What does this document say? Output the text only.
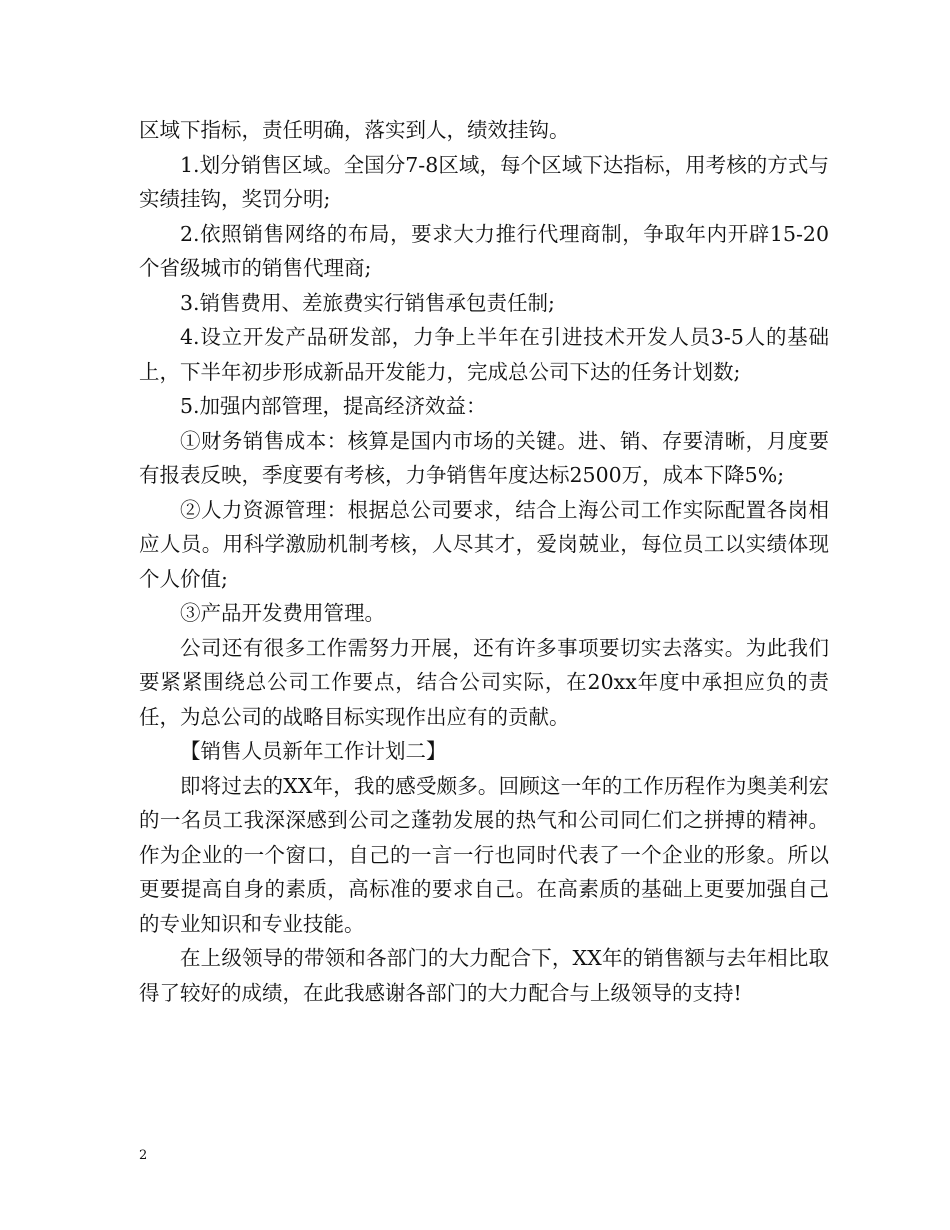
区域下指标，责任明确，落实到人，绩效挂钩。

1.划分销售区域。全国分7-8区域，每个区域下达指标，用考核的方式与实绩挂钩，奖罚分明;

2.依照销售网络的布局，要求大力推行代理商制，争取年内开辟15-20个省级城市的销售代理商;

3.销售费用、差旅费实行销售承包责任制;

4.设立开发产品研发部，力争上半年在引进技术开发人员3-5人的基础上，下半年初步形成新品开发能力，完成总公司下达的任务计划数;

5.加强内部管理，提高经济效益：

①财务销售成本：核算是国内市场的关键。进、销、存要清晰，月度要有报表反映，季度要有考核，力争销售年度达标2500万，成本下降5%;

②人力资源管理：根据总公司要求，结合上海公司工作实际配置各岗相应人员。用科学激励机制考核，人尽其才，爱岗兢业，每位员工以实绩体现个人价值;

③产品开发费用管理。

公司还有很多工作需努力开展，还有许多事项要切实去落实。为此我们要紧紧围绕总公司工作要点，结合公司实际，在20xx年度中承担应负的责任，为总公司的战略目标实现作出应有的贡献。

【销售人员新年工作计划二】

即将过去的XX年，我的感受颇多。回顾这一年的工作历程作为奥美利宏的一名员工我深深感到公司之蓬勃发展的热气和公司同仁们之拼搏的精神。作为企业的一个窗口，自己的一言一行也同时代表了一个企业的形象。所以更要提高自身的素质，高标准的要求自己。在高素质的基础上更要加强自己的专业知识和专业技能。

在上级领导的带领和各部门的大力配合下，XX年的销售额与去年相比取得了较好的成绩，在此我感谢各部门的大力配合与上级领导的支持!

2
